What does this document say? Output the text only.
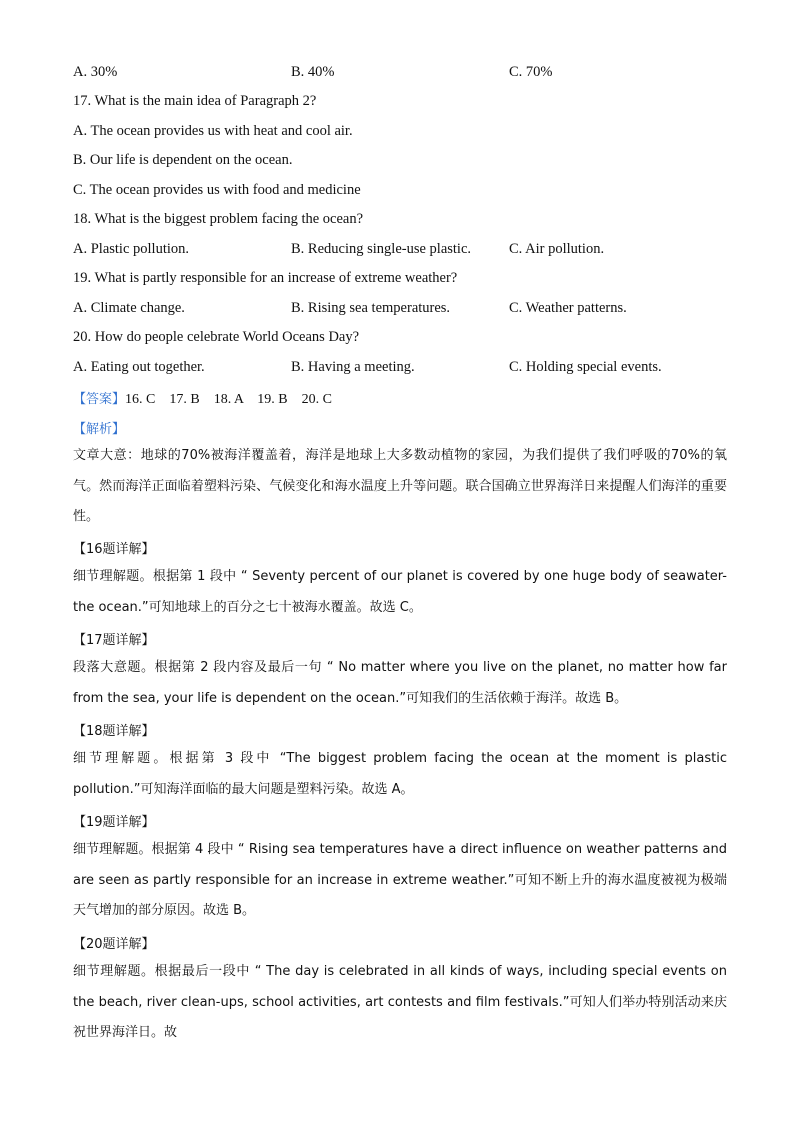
A. 30%	B. 40%	C. 70%
17. What is the main idea of Paragraph 2?
A. The ocean provides us with heat and cool air.
B. Our life is dependent on the ocean.
C. The ocean provides us with food and medicine
18. What is the biggest problem facing the ocean?
A. Plastic pollution.	B. Reducing single-use plastic.	C. Air pollution.
19. What is partly responsible for an increase of extreme weather?
A. Climate change.	B. Rising sea temperatures.	C. Weather patterns.
20. How do people celebrate World Oceans Day?
A. Eating out together.	B. Having a meeting.	C. Holding special events.
【答案】16. C    17. B    18. A    19. B    20. C
【解析】
文章大意：地球的70%被海洋覆盖着，海洋是地球上大多数动植物的家园，为我们提供了我们呼吸的70%的氧气。然而海洋正面临着塑料污染、气候变化和海水温度上升等问题。联合国确立世界海洋日来提醒人们海洋的重要性。
【16题详解】
细节理解题。根据第 1 段中 “ Seventy percent of our planet is covered by one huge body of seawater-the ocean.”可知地球上的百分之七十被海水覆盖。故选 C。
【17题详解】
段落大意题。根据第 2 段内容及最后一句 “ No matter where you live on the planet, no matter how far from the sea, your life is dependent on the ocean.”可知我们的生活依赖于海洋。故选 B。
【18题详解】
细节理解题。根据第 3 段中 “The biggest problem facing the ocean at the moment is plastic pollution.”可知海洋面临的最大问题是塑料污染。故选 A。
【19题详解】
细节理解题。根据第 4 段中 “ Rising sea temperatures have a direct influence on weather patterns and are seen as partly responsible for an increase in extreme weather.”可知不断上升的海水温度被视为极端天气增加的部分原因。故选 B。
【20题详解】
细节理解题。根据最后一段中 “ The day is celebrated in all kinds of ways, including special events on the beach, river clean-ups, school activities, art contests and film festivals.”可知人们举办特别活动来庆祝世界海洋日。故
